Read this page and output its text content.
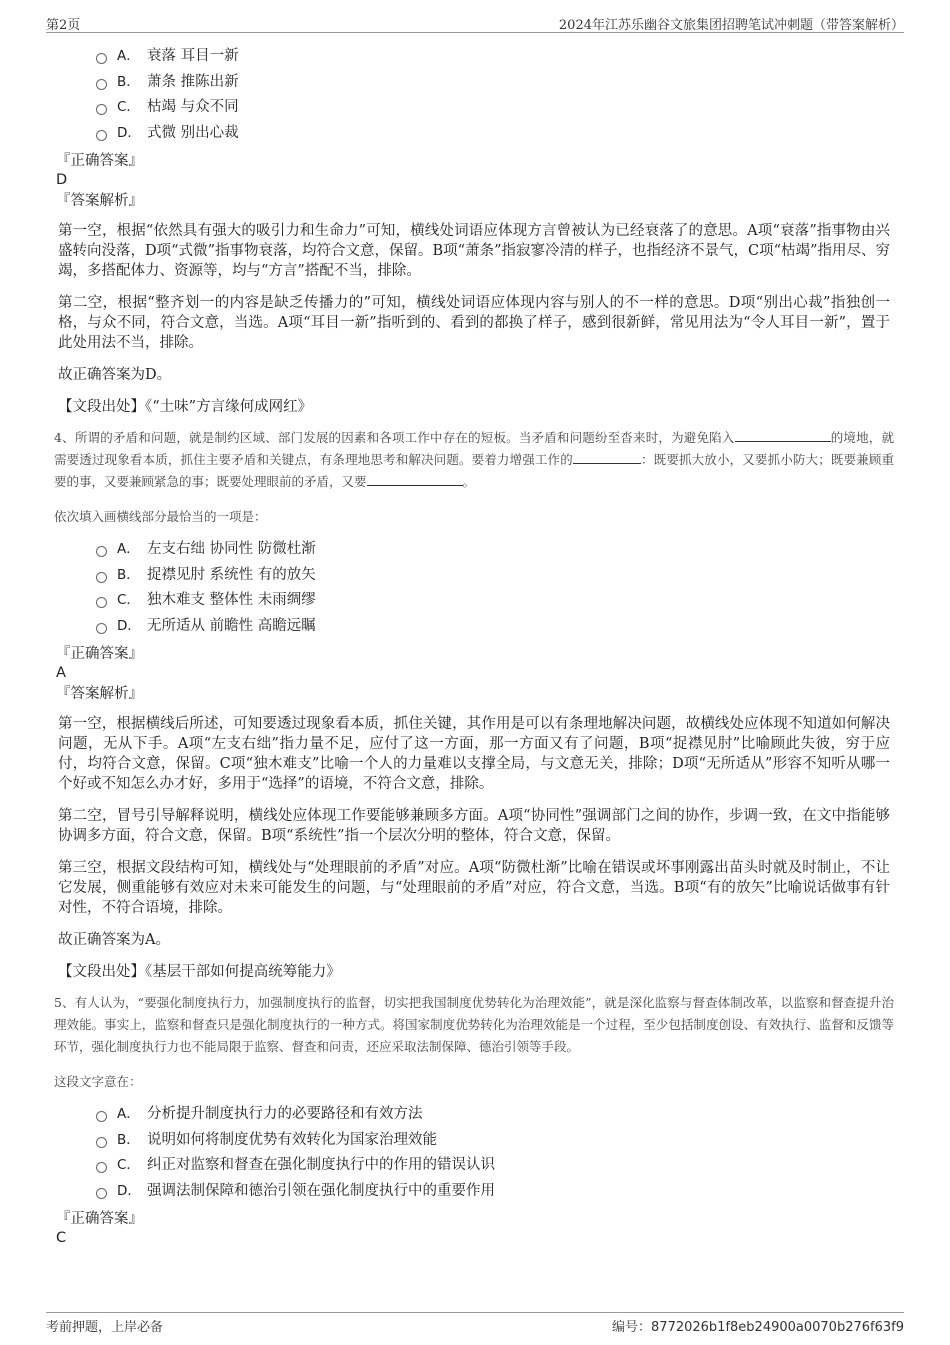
第2页	2024年江苏乐幽谷文旅集团招聘笔试冲刺题（带答案解析）
A． 衰落 耳目一新
B． 萧条 推陈出新
C． 枯竭 与众不同
D． 式微 别出心裁
『正确答案』
D
『答案解析』

第一空，根据“依然具有强大的吸引力和生命力”可知，横线处词语应体现方言曾被认为已经衰落了的意思。A项“衰落”指事物由兴盛转向没落，D项“式微”指事物衰落，均符合文意，保留。B项“萧条”指寂寥冷清的样子，也指经济不景气，C项“枯竭”指用尽、穷竭，多搭配体力、资源等，均与“方言”搭配不当，排除。

第二空，根据“整齐划一的内容是缺乏传播力的”可知，横线处词语应体现内容与别人的不一样的意思。D项“别出心裁”指独创一格，与众不同，符合文意，当选。A项“耳目一新”指听到的、看到的都换了样子，感到很新鲜，常见用法为“令人耳目一新”，置于此处用法不当，排除。

故正确答案为D。

【文段出处】《“土味”方言缘何成网红》
4、所谓的矛盾和问题，就是制约区域、部门发展的因素和各项工作中存在的短板。当矛盾和问题纷至沓来时，为避免陷入	的境地，就需要透过现象看本质，抓住主要矛盾和关键点，有条理地思考和解决问题。要着力增强工作的	：既要抓大放小，又要抓小防大；既要兼顾重要的事，又要兼顾紧急的事；既要处理眼前的矛盾，又要	。
依次填入画横线部分最恰当的一项是：
A． 左支右绌 协同性 防微杜渐
B． 捉襟见肘 系统性 有的放矢
C． 独木难支 整体性 未雨绸缪
D． 无所适从 前瞻性 高瞻远瞩
『正确答案』
A
『答案解析』

第一空，根据横线后所述，可知要透过现象看本质，抓住关键，其作用是可以有条理地解决问题，故横线处应体现不知道如何解决问题，无从下手。A项“左支右绌”指力量不足，应付了这一方面，那一方面又有了问题，B项“捉襟见肘”比喻顾此失彼，穷于应付，均符合文意，保留。C项“独木难支”比喻一个人的力量难以支撑全局，与文意无关，排除；D项“无所适从”形容不知听从哪一个好或不知怎么办才好，多用于“选择”的语境，不符合文意，排除。

第二空，冒号引导解释说明，横线处应体现工作要能够兼顾多方面。A项“协同性”强调部门之间的协作，步调一致，在文中指能够协调多方面，符合文意，保留。B项“系统性”指一个层次分明的整体，符合文意，保留。

第三空，根据文段结构可知，横线处与“处理眼前的矛盾”对应。A项“防微杜渐”比喻在错误或坏事刚露出苗头时就及时制止，不让它发展，侧重能够有效应对未来可能发生的问题，与“处理眼前的矛盾”对应，符合文意，当选。B项“有的放矢”比喻说话做事有针对性，不符合语境，排除。

故正确答案为A。

【文段出处】《基层干部如何提高统筹能力》
5、有人认为，“要强化制度执行力，加强制度执行的监督，切实把我国制度优势转化为治理效能”，就是深化监察与督查体制改革，以监察和督查提升治理效能。事实上，监察和督查只是强化制度执行的一种方式。将国家制度优势转化为治理效能是一个过程，至少包括制度创设、有效执行、监督和反馈等环节，强化制度执行力也不能局限于监察、督查和问责，还应采取法制保障、德治引领等手段。
这段文字意在：
A． 分析提升制度执行力的必要路径和有效方法
B． 说明如何将制度优势有效转化为国家治理效能
C． 纠正对监察和督查在强化制度执行中的作用的错误认识
D． 强调法制保障和德治引领在强化制度执行中的重要作用
『正确答案』
C
考前押题，上岸必备	编号：8772026b1f8eb24900a0070b276f63f9
